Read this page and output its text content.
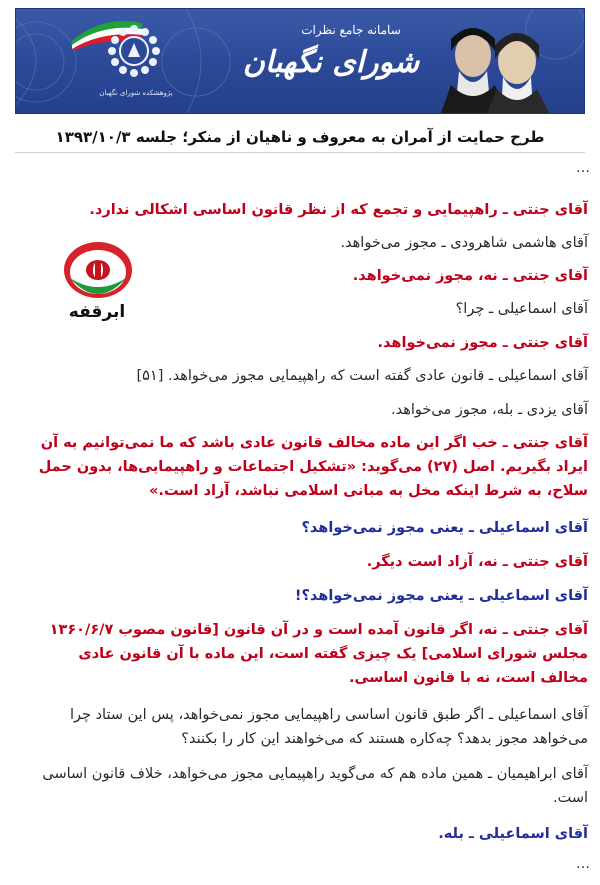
پژوهشکده شورای نگهبان
سامانه جامع نظرات
شورای نگهبان
طرح حمایت از آمران به معروف و ناهیان از منکر؛ جلسه ۱۳۹۳/۱۰/۳
…
ابرقفه
آقای جنتی ـ راهپیمایی و تجمع که از نظر قانون اساسی اشکالی ندارد.
آقای هاشمی شاهرودی ـ مجوز می‌خواهد.
آقای جنتی ـ نه، مجوز نمی‌خواهد.
آقای اسماعیلی ـ چرا؟
آقای جنتی ـ مجوز نمی‌خواهد.
آقای اسماعیلی ـ قانون عادی گفته است که راهپیمایی مجوز می‌خواهد. [۵۱]
آقای یزدی ـ بله، مجوز می‌خواهد.
آقای جنتی ـ خب اگر این ماده مخالف قانون عادی باشد که ما نمی‌توانیم به آن ایراد بگیریم. اصل (۲۷) می‌گوید: «تشکیل اجتماعات و راهپیمایی‌ها، بدون حمل سلاح، به شرط اینکه مخل به مبانی اسلامی نباشد، آزاد است.»
آقای اسماعیلی ـ یعنی مجوز نمی‌خواهد؟
آقای جنتی ـ نه، آزاد است دیگر.
آقای اسماعیلی ـ یعنی مجوز نمی‌خواهد؟!
آقای جنتی ـ نه، اگر قانون آمده است و در آن قانون [قانون مصوب ۱۳۶۰/۶/۷ مجلس شورای اسلامی] یک چیزی گفته است، این ماده با آن قانون عادی مخالف است، نه با قانون اساسی.
آقای اسماعیلی ـ اگر طبق قانون اساسی راهپیمایی مجوز نمی‌خواهد، پس این ستاد چرا می‌خواهد مجوز بدهد؟ چه‌کاره هستند که می‌خواهند این کار را بکنند؟
آقای ابراهیمیان ـ همین ماده هم که می‌گوید راهپیمایی مجوز می‌خواهد، خلاف قانون اساسی است.
آقای اسماعیلی ـ بله.
…
